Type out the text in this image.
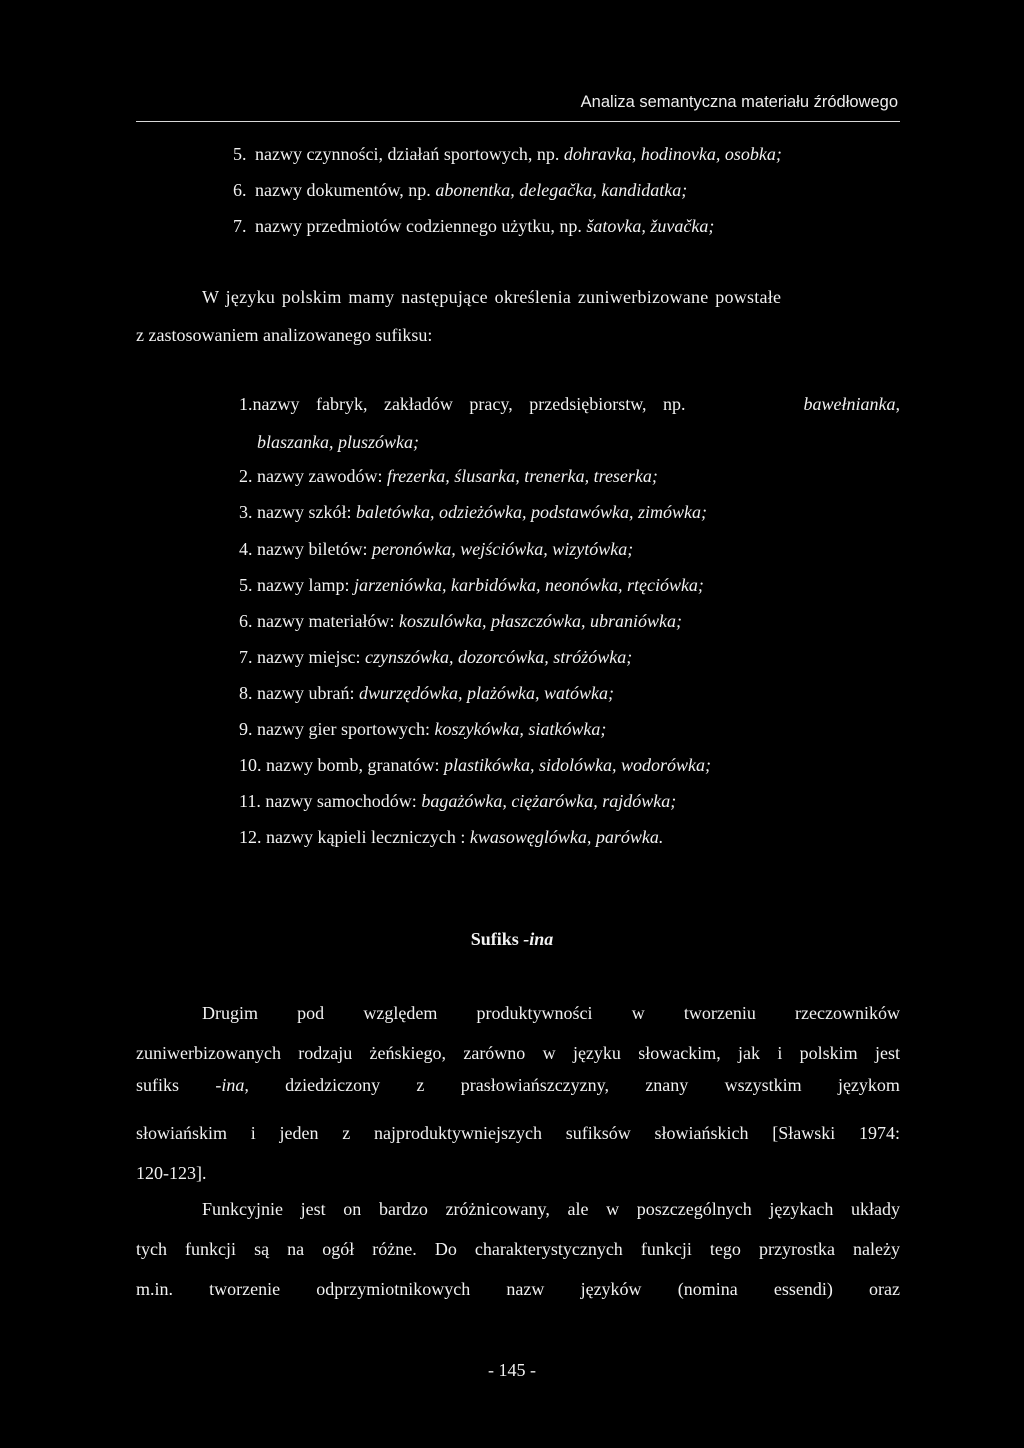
Analiza semantyczna materiału źródłowego
5. nazwy czynności, działań sportowych, np. dohravka, hodinovka, osobka;
6. nazwy dokumentów, np. abonentka, delegačka, kandidatka;
7. nazwy przedmiotów codziennego użytku, np. šatovka, žuvačka;
W języku polskim mamy następujące określenia zuniwerbizowane powstałe
z zastosowaniem analizowanego sufiksu:
1.nazwy fabryk, zakładów pracy, przedsiębiorstw, np.	bawełnianka,
blaszanka, pluszówka;
2. nazwy zawodów: frezerka, ślusarka, trenerka, treserka;
3. nazwy szkół: baletówka, odzieżówka, podstawówka, zimówka;
4. nazwy biletów: peronówka, wejściówka, wizytówka;
5. nazwy lamp: jarzeniówka, karbidówka, neonówka, rtęciówka;
6. nazwy materiałów: koszulówka, płaszczówka, ubraniówka;
7. nazwy miejsc: czynszówka, dozorcówka, stróżówka;
8. nazwy ubrań: dwurzędówka, plażówka, watówka;
9. nazwy gier sportowych: koszykówka, siatkówka;
10. nazwy bomb, granatów: plastikówka, sidolówka, wodorówka;
11. nazwy samochodów: bagażówka, ciężarówka, rajdówka;
12. nazwy kąpieli leczniczych : kwasowęglówka, parówka.
Sufiks -ina
Drugim pod względem produktywności w tworzeniu rzeczowników
zuniwerbizowanych rodzaju żeńskiego, zarówno w języku słowackim, jak i polskim jest
sufiks -ina, dziedziczony z prasłowiańszczyzny, znany wszystkim językom
słowiańskim i jeden z najproduktywniejszych sufiksów słowiańskich [Sławski 1974:
120-123].
Funkcyjnie jest on bardzo zróżnicowany, ale w poszczególnych językach układy
tych funkcji są na ogół różne. Do charakterystycznych funkcji tego przyrostka należy
m.in. tworzenie odprzymiotnikowych nazw języków (nomina essendi) oraz
- 145 -
